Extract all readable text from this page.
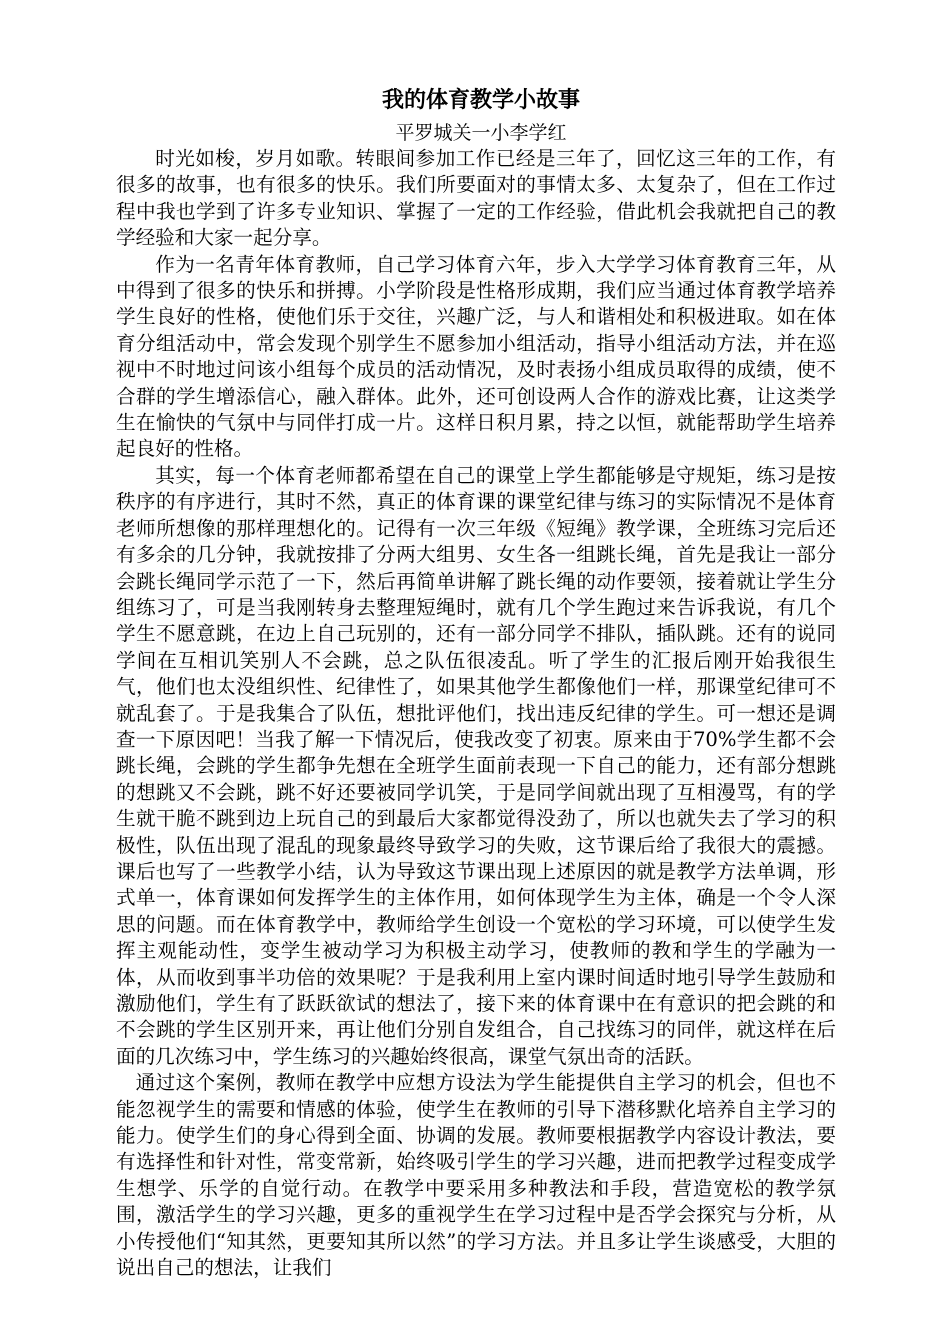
我的体育教学小故事

平罗城关一小李学红

时光如梭，岁月如歌。转眼间参加工作已经是三年了，回忆这三年的工作，有很多的故事，也有很多的快乐。我们所要面对的事情太多、太复杂了，但在工作过程中我也学到了许多专业知识、掌握了一定的工作经验，借此机会我就把自己的教学经验和大家一起分享。

作为一名青年体育教师，自己学习体育六年，步入大学学习体育教育三年，从中得到了很多的快乐和拼搏。小学阶段是性格形成期，我们应当通过体育教学培养学生良好的性格，使他们乐于交往，兴趣广泛，与人和谐相处和积极进取。如在体育分组活动中，常会发现个别学生不愿参加小组活动，指导小组活动方法，并在巡视中不时地过问该小组每个成员的活动情况，及时表扬小组成员取得的成绩，使不合群的学生增添信心，融入群体。此外，还可创设两人合作的游戏比赛，让这类学生在愉快的气氛中与同伴打成一片。这样日积月累，持之以恒，就能帮助学生培养起良好的性格。

其实，每一个体育老师都希望在自己的课堂上学生都能够是守规矩，练习是按秩序的有序进行，其时不然，真正的体育课的课堂纪律与练习的实际情况不是体育老师所想像的那样理想化的。记得有一次三年级《短绳》教学课，全班练习完后还有多余的几分钟，我就按排了分两大组男、女生各一组跳长绳，首先是我让一部分会跳长绳同学示范了一下，然后再简单讲解了跳长绳的动作要领，接着就让学生分组练习了，可是当我刚转身去整理短绳时，就有几个学生跑过来告诉我说，有几个学生不愿意跳，在边上自己玩别的，还有一部分同学不排队，插队跳。还有的说同学间在互相讥笑别人不会跳，总之队伍很凌乱。听了学生的汇报后刚开始我很生气，他们也太没组织性、纪律性了，如果其他学生都像他们一样，那课堂纪律可不就乱套了。于是我集合了队伍，想批评他们，找出违反纪律的学生。可一想还是调查一下原因吧！当我了解一下情况后，使我改变了初衷。原来由于70%学生都不会跳长绳，会跳的学生都争先想在全班学生面前表现一下自己的能力，还有部分想跳的想跳又不会跳，跳不好还要被同学讥笑，于是同学间就出现了互相漫骂，有的学生就干脆不跳到边上玩自己的到最后大家都觉得没劲了，所以也就失去了学习的积极性，队伍出现了混乱的现象最终导致学习的失败，这节课后给了我很大的震撼。课后也写了一些教学小结，认为导致这节课出现上述原因的就是教学方法单调，形式单一，体育课如何发挥学生的主体作用，如何体现学生为主体，确是一个令人深思的问题。而在体育教学中，教师给学生创设一个宽松的学习环境，可以使学生发挥主观能动性，变学生被动学习为积极主动学习，使教师的教和学生的学融为一体，从而收到事半功倍的效果呢？于是我利用上室内课时间适时地引导学生鼓励和激励他们，学生有了跃跃欲试的想法了，接下来的体育课中在有意识的把会跳的和不会跳的学生区别开来，再让他们分别自发组合，自己找练习的同伴，就这样在后面的几次练习中，学生练习的兴趣始终很高，课堂气氛出奇的活跃。

通过这个案例，教师在教学中应想方设法为学生能提供自主学习的机会，但也不能忽视学生的需要和情感的体验，使学生在教师的引导下潜移默化培养自主学习的能力。使学生们的身心得到全面、协调的发展。教师要根据教学内容设计教法，要有选择性和针对性，常变常新，始终吸引学生的学习兴趣，进而把教学过程变成学生想学、乐学的自觉行动。在教学中要采用多种教法和手段，营造宽松的教学氛围，激活学生的学习兴趣，更多的重视学生在学习过程中是否学会探究与分析，从小传授他们“知其然，更要知其所以然”的学习方法。并且多让学生谈感受，大胆的说出自己的想法，让我们
